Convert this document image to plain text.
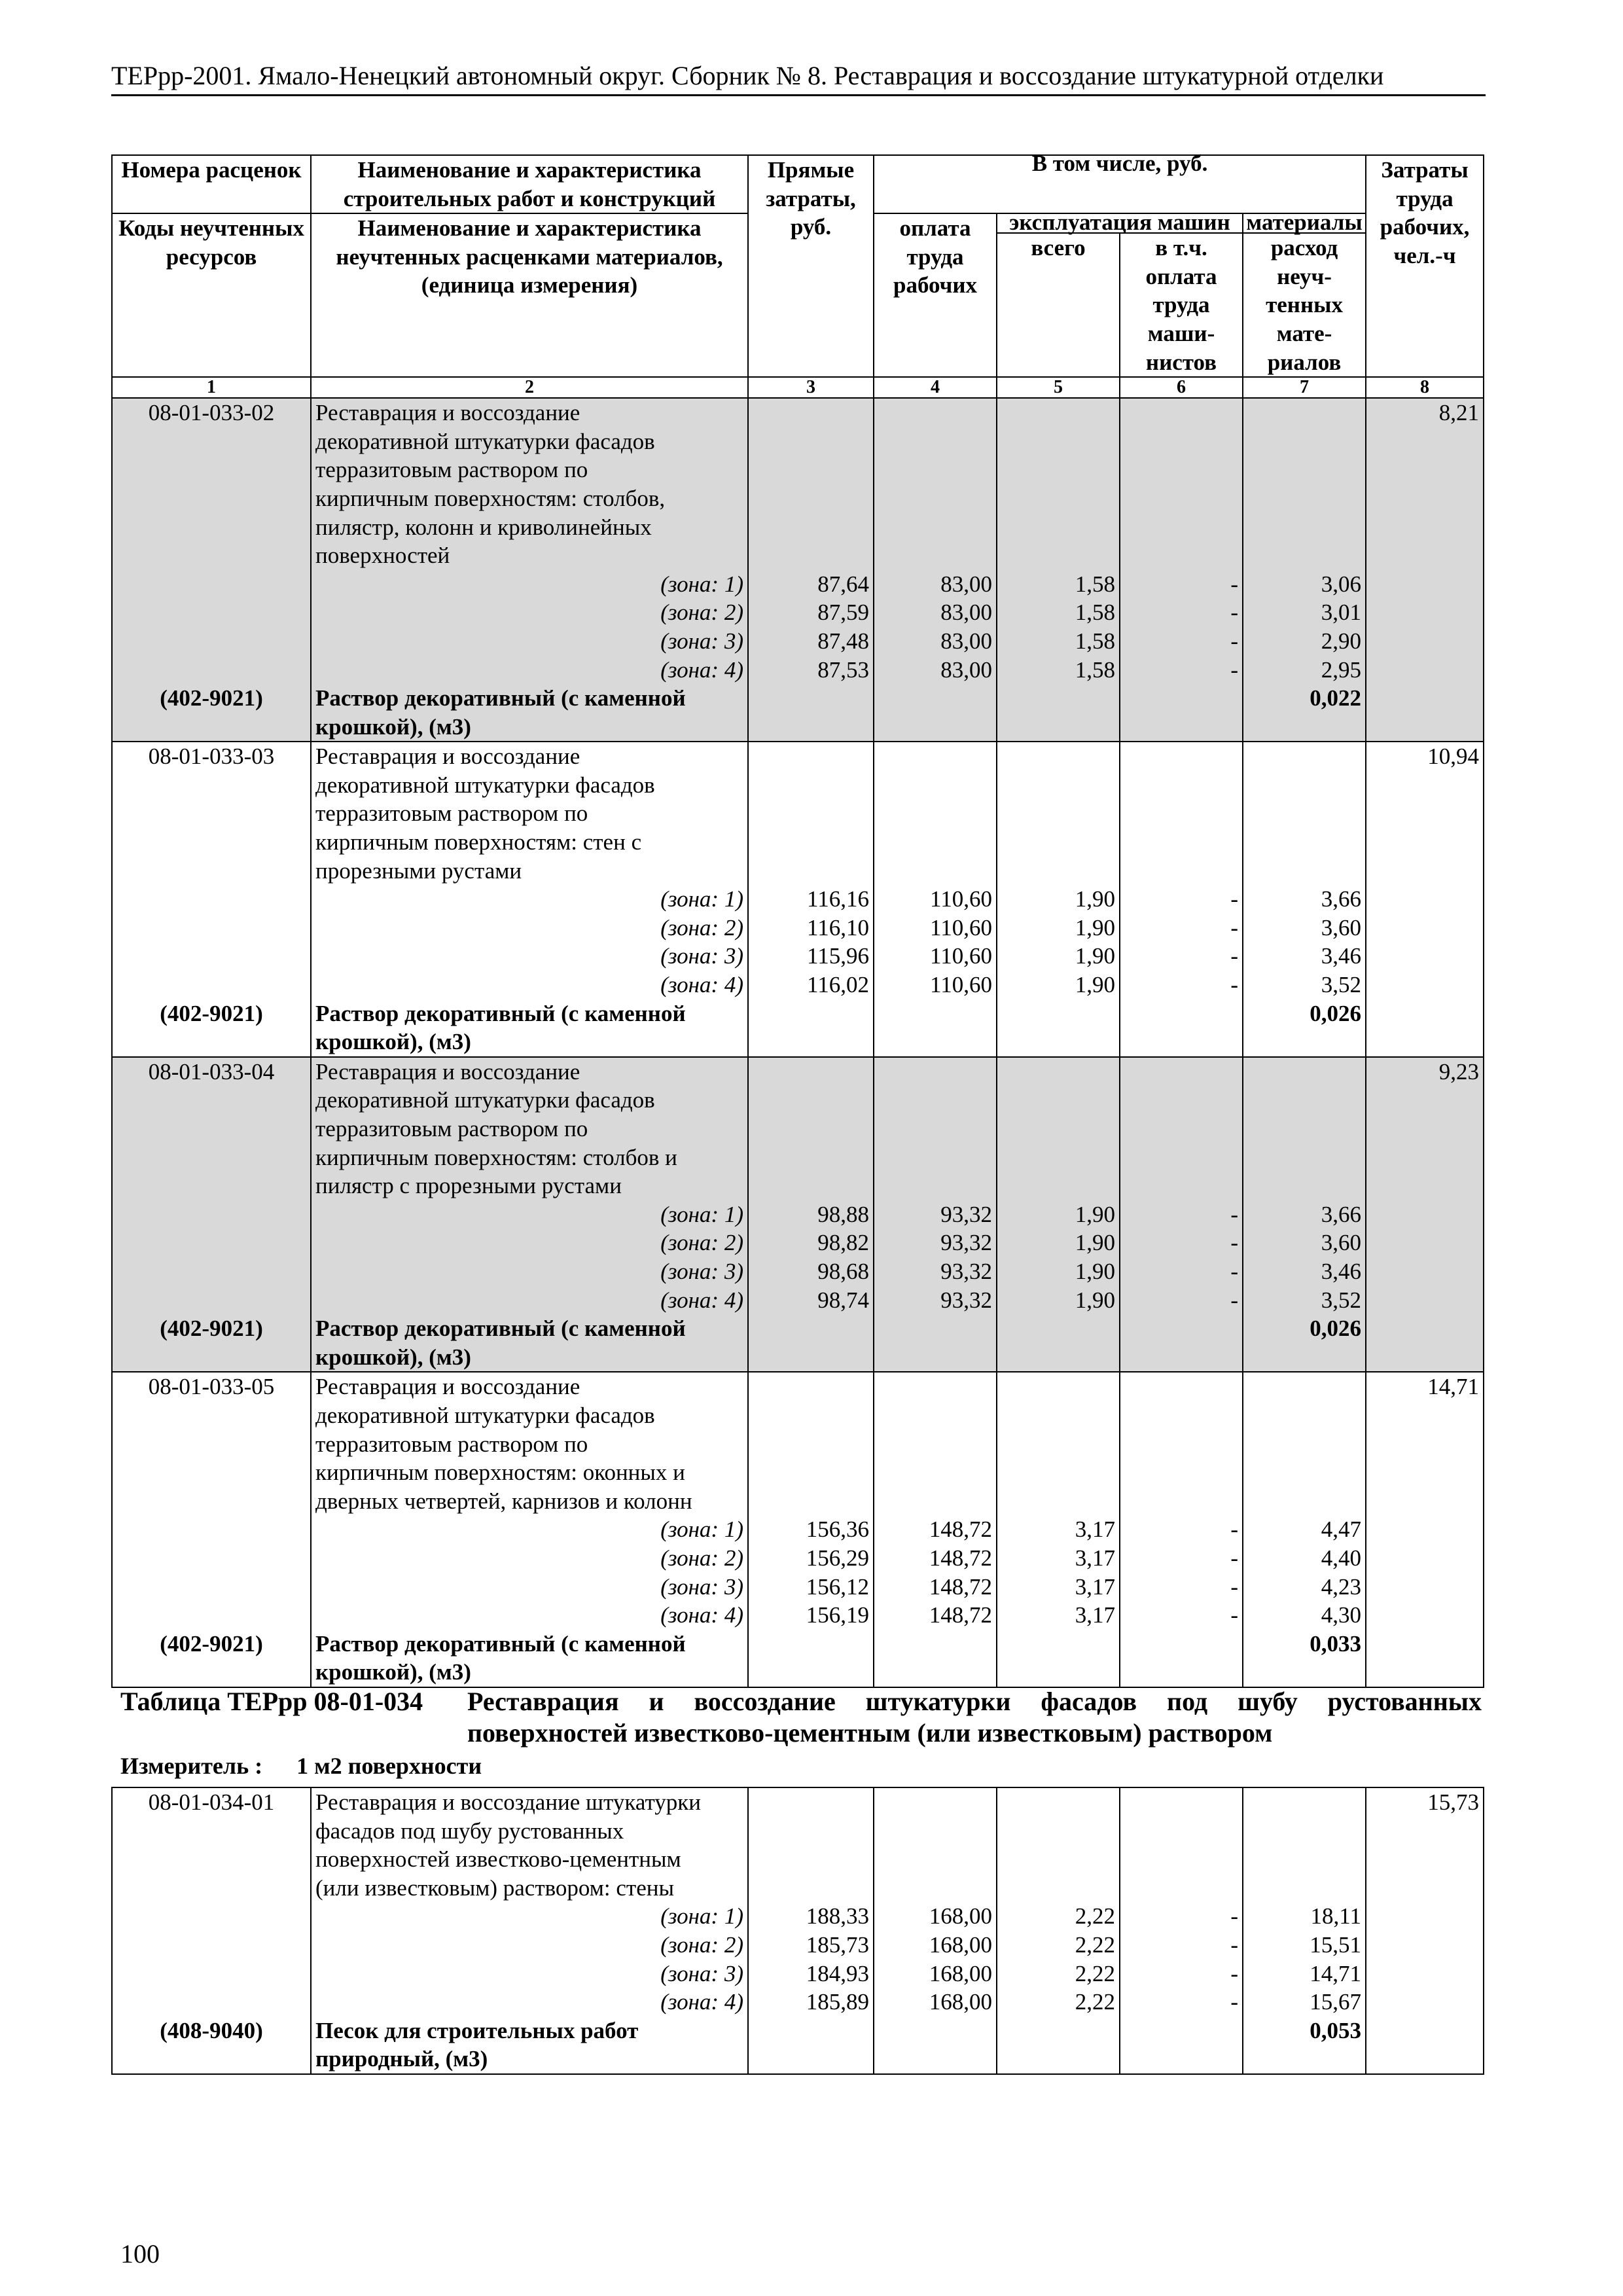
ТЕРрр-2001. Ямало-Ненецкий автономный округ. Сборник № 8. Реставрация и воссоздание штукатурной отделки
Номера расценок	Наименование и характеристика строительных работ и конструкций	Прямые затраты, руб.	В том числе, руб.				Затраты труда рабочих, чел.-ч
Коды неучтенных ресурсов	Наименование и характеристика неучтенных расценками материалов, (единица измерения)		оплата труда рабочих	эксплуатация машин		материалы	
				всего	в т.ч. оплата труда маши-нистов	расход неуч-тенных мате-риалов	
1	2	3	4	5	6	7	8
08-01-033-02	Реставрация и воссоздание						8,21
	декоративной штукатурки фасадов						
	терразитовым раствором по						
	кирпичным поверхностям: столбов,						
	пилястр, колонн и криволинейных						
	поверхностей						
	(зона: 1)	87,64	83,00	1,58	-	3,06	
	(зона: 2)	87,59	83,00	1,58	-	3,01	
	(зона: 3)	87,48	83,00	1,58	-	2,90	
	(зона: 4)	87,53	83,00	1,58	-	2,95	
(402-9021)	Раствор декоративный (с каменной					0,022	
	крошкой), (м3)						
08-01-033-03	Реставрация и воссоздание						10,94
	декоративной штукатурки фасадов						
	терразитовым раствором по						
	кирпичным поверхностям: стен с						
	прорезными рустами						
	(зона: 1)	116,16	110,60	1,90	-	3,66	
	(зона: 2)	116,10	110,60	1,90	-	3,60	
	(зона: 3)	115,96	110,60	1,90	-	3,46	
	(зона: 4)	116,02	110,60	1,90	-	3,52	
(402-9021)	Раствор декоративный (с каменной					0,026	
	крошкой), (м3)						
08-01-033-04	Реставрация и воссоздание						9,23
	декоративной штукатурки фасадов						
	терразитовым раствором по						
	кирпичным поверхностям: столбов и						
	пилястр с прорезными рустами						
	(зона: 1)	98,88	93,32	1,90	-	3,66	
	(зона: 2)	98,82	93,32	1,90	-	3,60	
	(зона: 3)	98,68	93,32	1,90	-	3,46	
	(зона: 4)	98,74	93,32	1,90	-	3,52	
(402-9021)	Раствор декоративный (с каменной					0,026	
	крошкой), (м3)						
08-01-033-05	Реставрация и воссоздание						14,71
	декоративной штукатурки фасадов						
	терразитовым раствором по						
	кирпичным поверхностям: оконных и						
	дверных четвертей, карнизов и колонн						
	(зона: 1)	156,36	148,72	3,17	-	4,47	
	(зона: 2)	156,29	148,72	3,17	-	4,40	
	(зона: 3)	156,12	148,72	3,17	-	4,23	
	(зона: 4)	156,19	148,72	3,17	-	4,30	
(402-9021)	Раствор декоративный (с каменной					0,033	
	крошкой), (м3)						
Таблица ТЕРрр 08-01-034 Реставрация и воссоздание штукатурки фасадов под шубу рустованных поверхностей известково-цементным (или известковым) раствором
Измеритель : 1 м2 поверхности
08-01-034-01	Реставрация и воссоздание штукатурки						15,73
	фасадов под шубу рустованных						
	поверхностей известково-цементным						
	(или известковым) раствором: стены						
	(зона: 1)	188,33	168,00	2,22	-	18,11	
	(зона: 2)	185,73	168,00	2,22	-	15,51	
	(зона: 3)	184,93	168,00	2,22	-	14,71	
	(зона: 4)	185,89	168,00	2,22	-	15,67	
(408-9040)	Песок для строительных работ					0,053	
	природный, (м3)						
100
